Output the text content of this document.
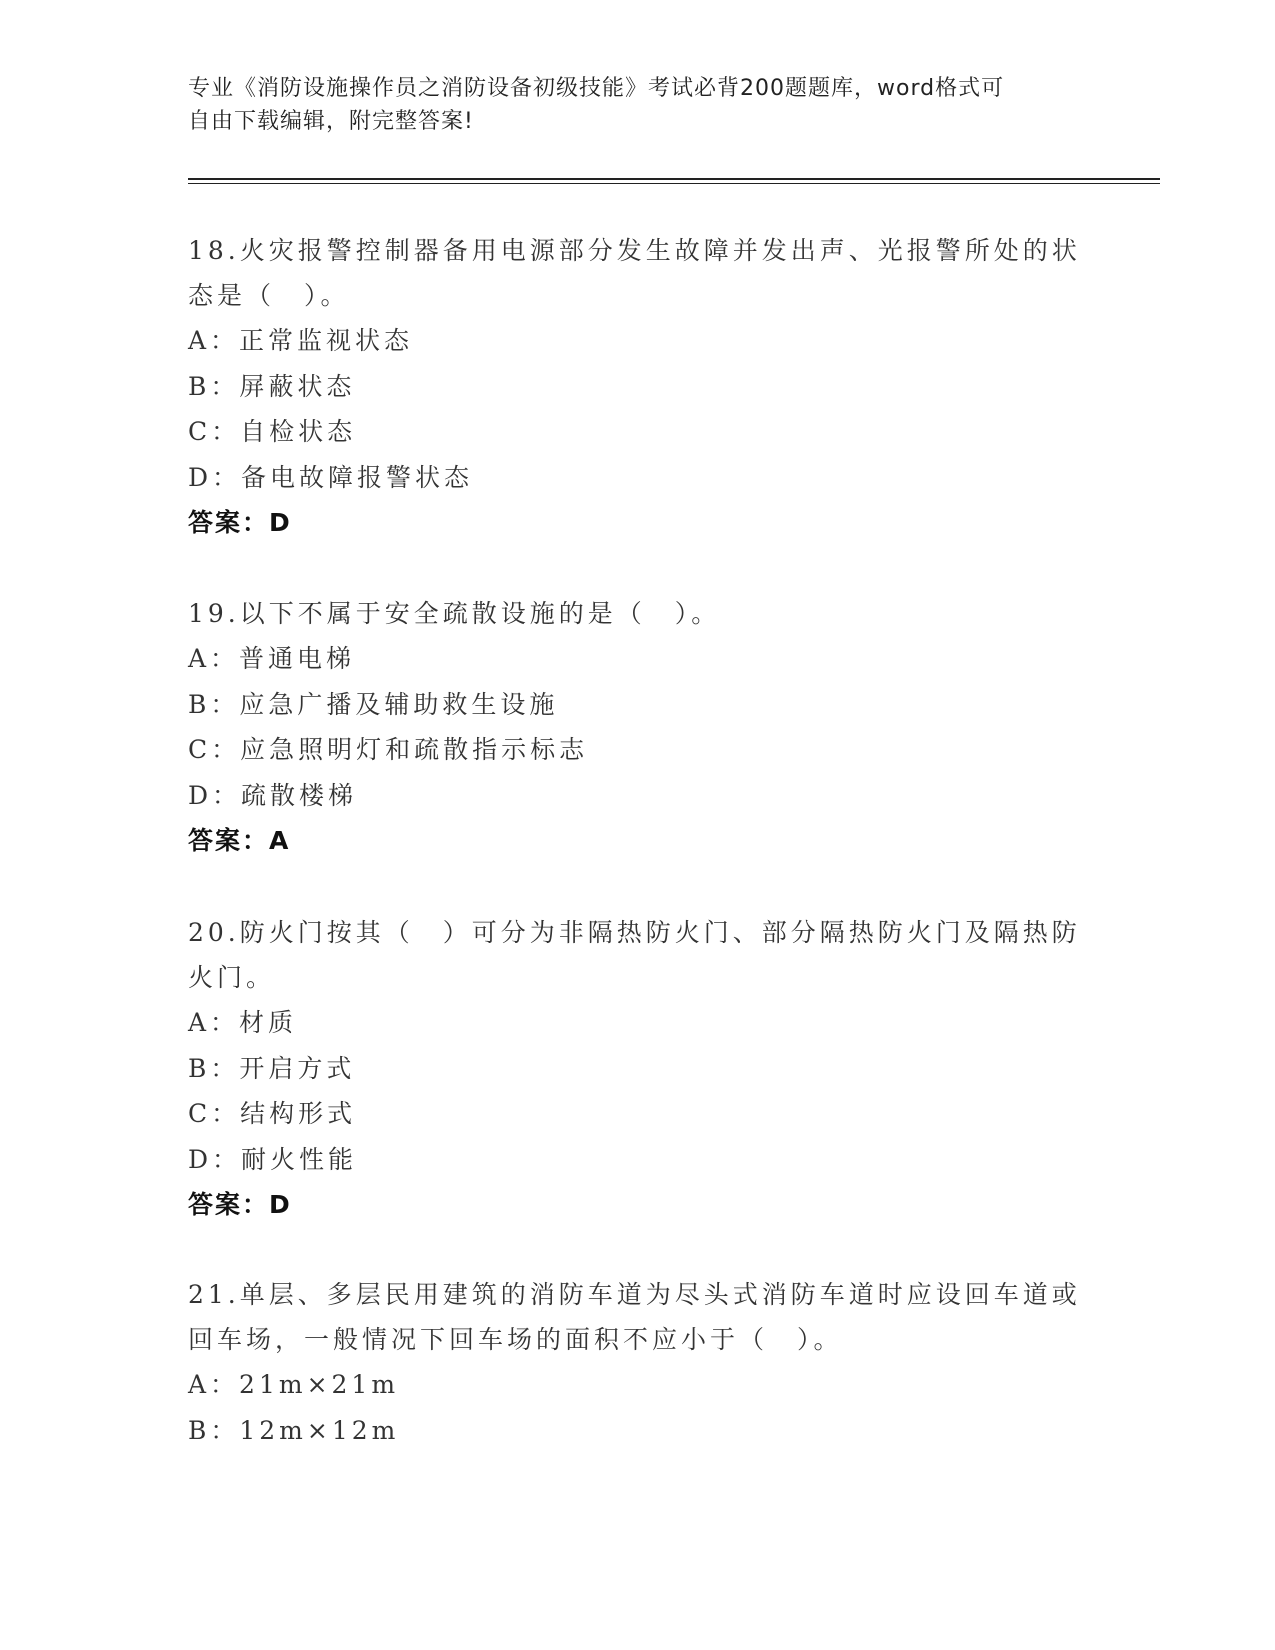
专业《消防设施操作员之消防设备初级技能》考试必背200题题库，word格式可
自由下载编辑，附完整答案!
18.火灾报警控制器备用电源部分发生故障并发出声、光报警所处的状
态是（　）。
A：正常监视状态
B：屏蔽状态
C：自检状态
D：备电故障报警状态
答案：D
19.以下不属于安全疏散设施的是（　）。
A：普通电梯
B：应急广播及辅助救生设施
C：应急照明灯和疏散指示标志
D：疏散楼梯
答案：A
20.防火门按其（　）可分为非隔热防火门、部分隔热防火门及隔热防
火门。
A：材质
B：开启方式
C：结构形式
D：耐火性能
答案：D
21.单层、多层民用建筑的消防车道为尽头式消防车道时应设回车道或
回车场，一般情况下回车场的面积不应小于（　）。
A：21m×21m
B：12m×12m
